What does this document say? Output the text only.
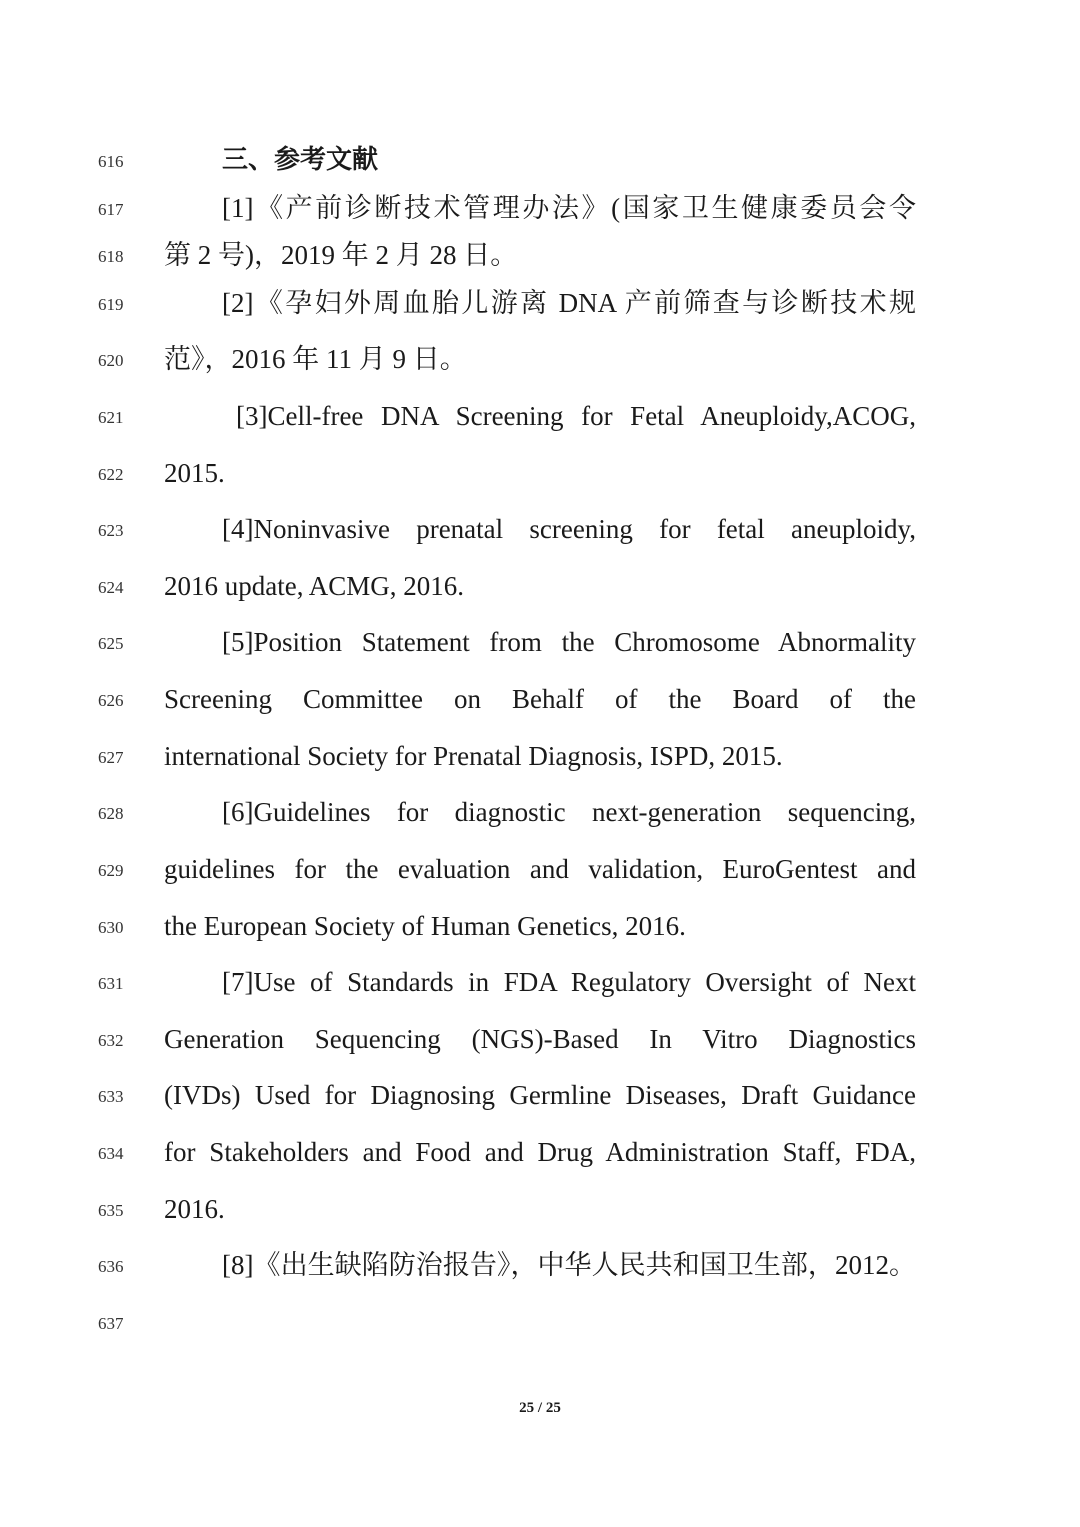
616
617
618
619
620
621
622
623
624
625
626
627
628
629
630
631
632
633
634
635
636
637
三、参考文献
[1]《产前诊断技术管理办法》(国家卫生健康委员会令
第 2 号)，2019 年 2 月 28 日。
[2]《孕妇外周血胎儿游离 DNA 产前筛查与诊断技术规
范》，2016 年 11 月 9 日。
[3]Cell-free DNA Screening for Fetal Aneuploidy,ACOG,
2015.
[4]Noninvasive prenatal screening for fetal aneuploidy,
2016 update, ACMG, 2016.
[5]Position Statement from the Chromosome Abnormality
Screening Committee on Behalf of the Board of the
international Society for Prenatal Diagnosis, ISPD, 2015.
[6]Guidelines for diagnostic next-generation sequencing,
guidelines for the evaluation and validation, EuroGentest and
the European Society of Human Genetics, 2016.
[7]Use of Standards in FDA Regulatory Oversight of Next
Generation Sequencing (NGS)-Based In Vitro Diagnostics
(IVDs) Used for Diagnosing Germline Diseases, Draft Guidance
for Stakeholders and Food and Drug Administration Staff, FDA,
2016.
[8]《出生缺陷防治报告》，中华人民共和国卫生部，2012。
25 / 25
